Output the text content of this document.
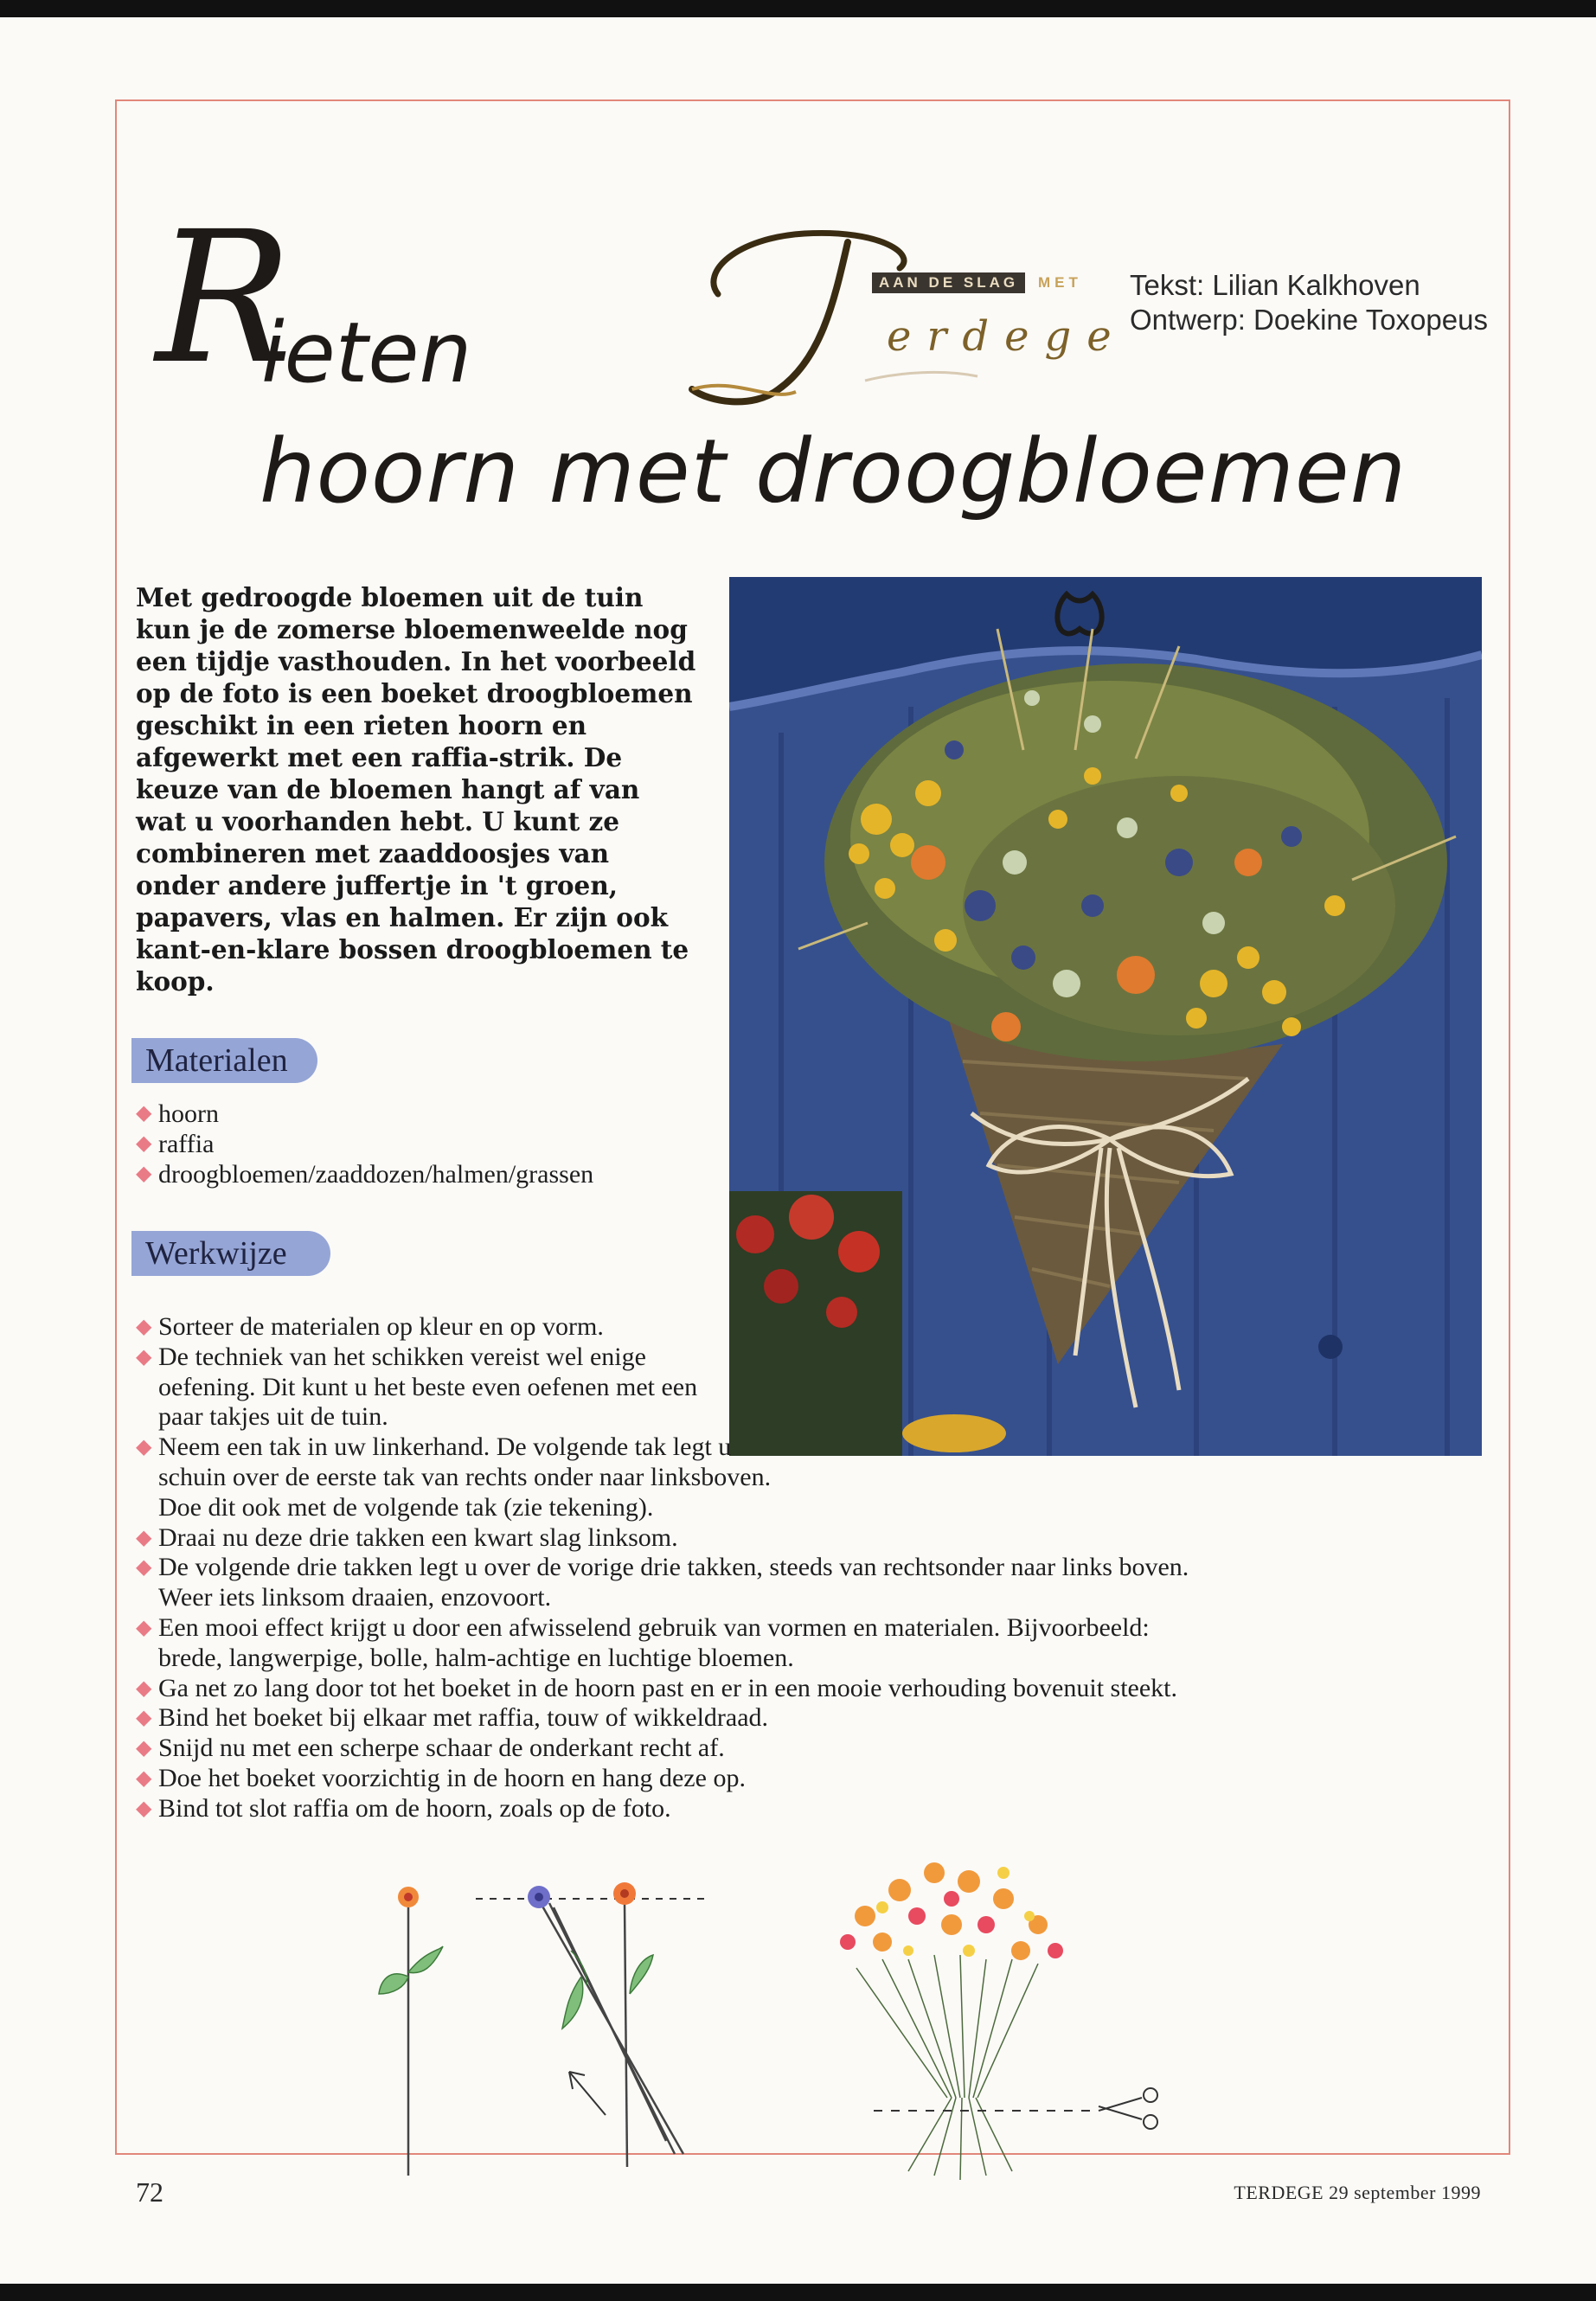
R
ieten
hoorn met droogbloemen
AAN DE SLAG	MET
erdege
Tekst: Lilian Kalkhoven
Ontwerp: Doekine Toxopeus

Met gedroogde bloemen uit de tuin kun je de zomerse bloemenweelde nog een tijdje vasthouden. In het voorbeeld op de foto is een boeket droogbloemen geschikt in een rieten hoorn en afgewerkt met een raffia-strik. De keuze van de bloemen hangt af van wat u voorhanden hebt. U kunt ze combineren met zaaddoosjes van onder andere juffertje in 't groen, papavers, vlas en halmen. Er zijn ook kant-en-klare bossen droogbloemen te koop.

Materialen
◆ hoorn
◆ raffia
◆ droogbloemen/zaaddozen/halmen/grassen
Werkwijze
◆ Sorteer de materialen op kleur en op vorm.
◆ De techniek van het schikken vereist wel enige oefening. Dit kunt u het beste even oefenen met een paar takjes uit de tuin.
◆ Neem een tak in uw linkerhand. De volgende tak legt u schuin over de eerste tak van rechts onder naar linksboven. Doe dit ook met de volgende tak (zie tekening).
◆ Draai nu deze drie takken een kwart slag linksom.
◆ De volgende drie takken legt u over de vorige drie takken, steeds van rechtsonder naar links boven. Weer iets linksom draaien, enzovoort.
◆ Een mooi effect krijgt u door een afwisselend gebruik van vormen en materialen. Bijvoorbeeld: brede, langwerpige, bolle, halm-achtige en luchtige bloemen.
◆ Ga net zo lang door tot het boeket in de hoorn past en er in een mooie verhouding bovenuit steekt.
◆ Bind het boeket bij elkaar met raffia, touw of wikkeldraad.
◆ Snijd nu met een scherpe schaar de onderkant recht af.
◆ Doe het boeket voorzichtig in de hoorn en hang deze op.
◆ Bind tot slot raffia om de hoorn, zoals op de foto.
72	TERDEGE 29 september 1999
